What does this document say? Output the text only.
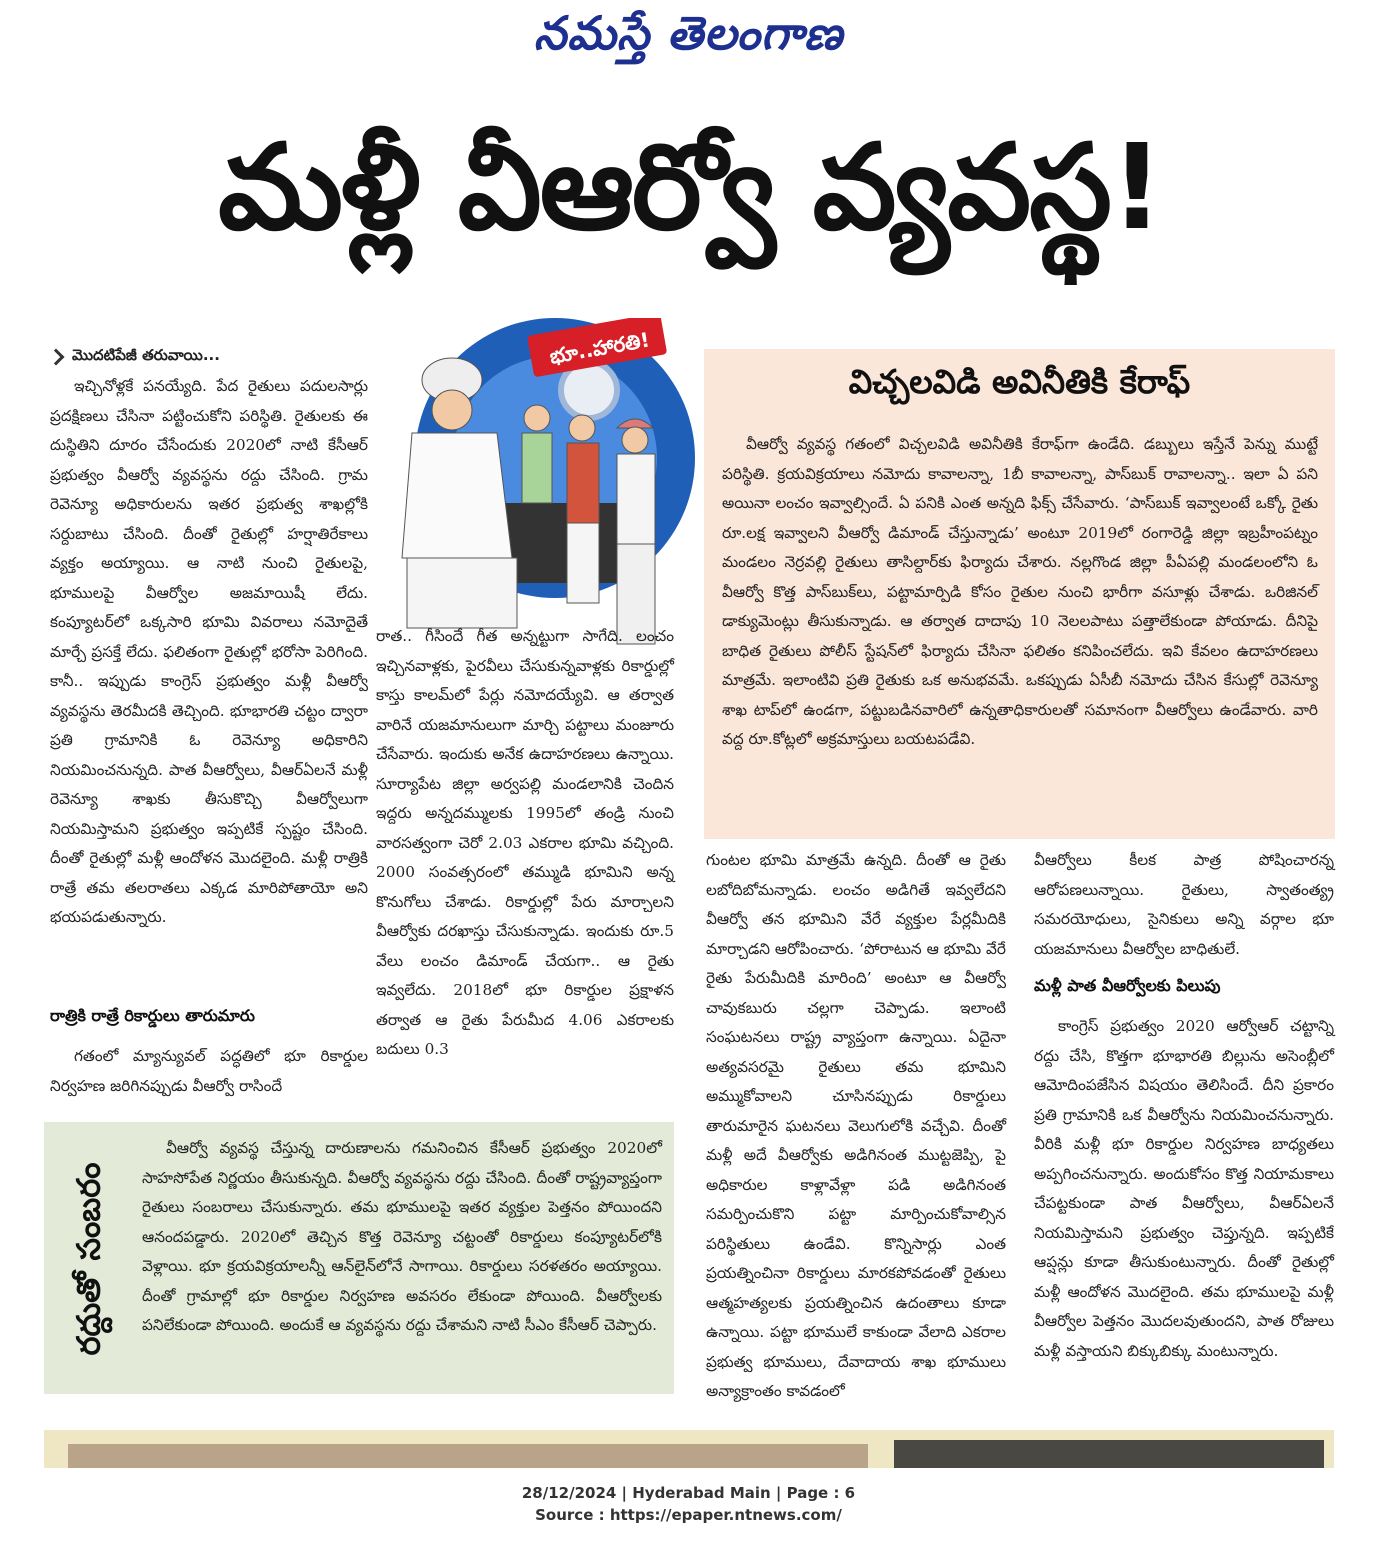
నమస్తే తెలంగాణ
మళ్లీ వీఆర్వో వ్యవస్థ!
మొదటిపేజీ తరువాయి...

ఇచ్చినోళ్లకే పనయ్యేది. పేద రైతులు పదులసార్లు ప్రదక్షిణలు చేసినా పట్టించుకోని పరిస్థితి. రైతులకు ఈ దుస్థితిని దూరం చేసేందుకు 2020లో నాటి కేసీఆర్ ప్రభుత్వం వీఆర్వో వ్యవస్థను రద్దు చేసింది. గ్రామ రెవెన్యూ అధికారులను ఇతర ప్రభుత్వ శాఖల్లోకి సర్దుబాటు చేసింది. దీంతో రైతుల్లో హర్షాతిరేకాలు వ్యక్తం అయ్యాయి. ఆ నాటి నుంచి రైతులపై, భూములపై వీఆర్వోల అజమాయిషీ లేదు. కంప్యూటర్‌లో ఒక్కసారి భూమి వివరాలు నమోదైతే మార్చే ప్రసక్తే లేదు. ఫలితంగా రైతుల్లో భరోసా పెరిగింది. కానీ.. ఇప్పుడు కాంగ్రెస్ ప్రభుత్వం మళ్లీ వీఆర్వో వ్యవస్థను తెరమీదకి తెచ్చింది. భూభారతి చట్టం ద్వారా ప్రతి గ్రామానికి ఓ రెవెన్యూ అధికారిని నియమించనున్నది. పాత వీఆర్వోలు, వీఆర్ఏలనే మళ్లీ రెవెన్యూ శాఖకు తీసుకొచ్చి వీఆర్వోలుగా నియమిస్తామని ప్రభుత్వం ఇప్పటికే స్పష్టం చేసింది. దీంతో రైతుల్లో మళ్లీ ఆందోళన మొదలైంది. మళ్లీ రాత్రికి రాత్రే తమ తలరాతలు ఎక్కడ మారిపోతాయో అని భయపడుతున్నారు.

రాత్రికి రాత్రే రికార్డులు తారుమారు

గతంలో మ్యాన్యువల్ పద్ధతిలో భూ రికార్డుల నిర్వహణ జరిగినప్పుడు వీఆర్వో రాసిందే

భూ..హారతి!

రాత.. గీసిందే గీత అన్నట్టుగా సాగేది. లంచం ఇచ్చినవాళ్లకు, పైరవీలు చేసుకున్నవాళ్లకు రికార్డుల్లో కాస్తు కాలమ్‌లో పేర్లు నమోదయ్యేవి. ఆ తర్వాత వారినే యజమానులుగా మార్చి పట్టాలు మంజూరు చేసేవారు. ఇందుకు అనేక ఉదాహరణలు ఉన్నాయి. సూర్యాపేట జిల్లా అర్వపల్లి మండలానికి చెందిన ఇద్దరు అన్నదమ్ములకు 1995లో తండ్రి నుంచి వారసత్వంగా చెరో 2.03 ఎకరాల భూమి వచ్చింది. 2000 సంవత్సరంలో తమ్ముడి భూమిని అన్న కొనుగోలు చేశాడు. రికార్డుల్లో పేరు మార్చాలని వీఆర్వోకు దరఖాస్తు చేసుకున్నాడు. ఇందుకు రూ.5 వేలు లంచం డిమాండ్ చేయగా.. ఆ రైతు ఇవ్వలేదు. 2018లో భూ రికార్డుల ప్రక్షాళన తర్వాత ఆ రైతు పేరుమీద 4.06 ఎకరాలకు బదులు 0.3

విచ్చలవిడి అవినీతికి కేరాఫ్

వీఆర్వో వ్యవస్థ గతంలో విచ్చలవిడి అవినీతికి కేరాఫ్‌గా ఉండేది. డబ్బులు ఇస్తేనే పెన్ను ముట్టే పరిస్థితి. క్రయవిక్రయాలు నమోదు కావాలన్నా, 1బీ కావాలన్నా, పాస్‌బుక్ రావాలన్నా.. ఇలా ఏ పని అయినా లంచం ఇవ్వాల్సిందే. ఏ పనికి ఎంత అన్నది ఫిక్స్ చేసేవారు. ‘పాస్‌బుక్ ఇవ్వాలంటే ఒక్కో రైతు రూ.లక్ష ఇవ్వాలని వీఆర్వో డిమాండ్ చేస్తున్నాడు’ అంటూ 2019లో రంగారెడ్డి జిల్లా ఇబ్రహీంపట్నం మండలం నెర్రవల్లి రైతులు తాసిల్దార్‌కు ఫిర్యాదు చేశారు. నల్లగొండ జిల్లా పీఏపల్లి మండలంలోని ఓ వీఆర్వో కొత్త పాస్‌బుక్‌లు, పట్టామార్పిడి కోసం రైతుల నుంచి భారీగా వసూళ్లు చేశాడు. ఒరిజినల్ డాక్యుమెంట్లు తీసుకున్నాడు. ఆ తర్వాత దాదాపు 10 నెలలపాటు పత్తాలేకుండా పోయాడు. దీనిపై బాధిత రైతులు పోలీస్ స్టేషన్‌లో ఫిర్యాదు చేసినా ఫలితం కనిపించలేదు. ఇవి కేవలం ఉదాహరణలు మాత్రమే. ఇలాంటివి ప్రతి రైతుకు ఒక అనుభవమే. ఒకప్పుడు ఏసీబీ నమోదు చేసిన కేసుల్లో రెవెన్యూ శాఖ టాప్‌లో ఉండగా, పట్టుబడినవారిలో ఉన్నతాధికారులతో సమానంగా వీఆర్వోలు ఉండేవారు. వారి వద్ద రూ.కోట్లలో అక్రమాస్తులు బయటపడేవి.

గుంటల భూమి మాత్రమే ఉన్నది. దీంతో ఆ రైతు లబోదిబోమన్నాడు. లంచం అడిగితే ఇవ్వలేదని వీఆర్వో తన భూమిని వేరే వ్యక్తుల పేర్లమీదికి మార్చాడని ఆరోపించారు. ‘పోరాటున ఆ భూమి వేరే రైతు పేరుమీదికి మారింది’ అంటూ ఆ వీఆర్వో చావుకబురు చల్లగా చెప్పాడు. ఇలాంటి సంఘటనలు రాష్ట్ర వ్యాప్తంగా ఉన్నాయి. ఏదైనా అత్యవసరమై రైతులు తమ భూమిని అమ్ముకోవాలని చూసినప్పుడు రికార్డులు తారుమారైన ఘటనలు వెలుగులోకి వచ్చేవి. దీంతో మళ్లీ అదే వీఆర్వోకు అడిగినంత ముట్టజెప్పి, పై అధికారుల కాళ్లావేళ్లా పడి అడిగినంత సమర్పించుకొని పట్టా మార్పించుకోవాల్సిన పరిస్థితులు ఉండేవి. కొన్నిసార్లు ఎంత ప్రయత్నించినా రికార్డులు మారకపోవడంతో రైతులు ఆత్మహత్యలకు ప్రయత్నించిన ఉదంతాలు కూడా ఉన్నాయి. పట్టా భూములే కాకుండా వేలాది ఎకరాల ప్రభుత్వ భూములు, దేవాదాయ శాఖ భూములు అన్యాక్రాంతం కావడంలో

వీఆర్వోలు కీలక పాత్ర పోషించారన్న ఆరోపణలున్నాయి. రైతులు, స్వాతంత్య్ర సమరయోధులు, సైనికులు అన్ని వర్గాల భూ యజమానులు వీఆర్వోల బాధితులే.

మళ్లీ పాత వీఆర్వోలకు పిలుపు

కాంగ్రెస్ ప్రభుత్వం 2020 ఆర్వోఆర్ చట్టాన్ని రద్దు చేసి, కొత్తగా భూభారతి బిల్లును అసెంబ్లీలో ఆమోదింపజేసిన విషయం తెలిసిందే. దీని ప్రకారం ప్రతి గ్రామానికి ఒక వీఆర్వోను నియమించనున్నారు. వీరికి మళ్లీ భూ రికార్డుల నిర్వహణ బాధ్యతలు అప్పగించనున్నారు. అందుకోసం కొత్త నియామకాలు చేపట్టకుండా పాత వీఆర్వోలు, వీఆర్ఏలనే నియమిస్తామని ప్రభుత్వం చెప్తున్నది. ఇప్పటికే ఆప్షన్లు కూడా తీసుకుంటున్నారు. దీంతో రైతుల్లో మళ్లీ ఆందోళన మొదలైంది. తమ భూములపై మళ్లీ వీఆర్వోల పెత్తనం మొదలవుతుందని, పాత రోజులు మళ్లీ వస్తాయని బిక్కుబిక్కు మంటున్నారు.

రద్దుతో సంబరం

వీఆర్వో వ్యవస్థ చేస్తున్న దారుణాలను గమనించిన కేసీఆర్ ప్రభుత్వం 2020లో సాహసోపేత నిర్ణయం తీసుకున్నది. వీఆర్వో వ్యవస్థను రద్దు చేసింది. దీంతో రాష్ట్రవ్యాప్తంగా రైతులు సంబరాలు చేసుకున్నారు. తమ భూములపై ఇతర వ్యక్తుల పెత్తనం పోయిందని ఆనందపడ్డారు. 2020లో తెచ్చిన కొత్త రెవెన్యూ చట్టంతో రికార్డులు కంప్యూటర్‌లోకి వెళ్లాయి. భూ క్రయవిక్రయాలన్నీ ఆన్‌లైన్‌లోనే సాగాయి. రికార్డులు సరళతరం అయ్యాయి. దీంతో గ్రామాల్లో భూ రికార్డుల నిర్వహణ అవసరం లేకుండా పోయింది. వీఆర్వోలకు పనిలేకుండా పోయింది. అందుకే ఆ వ్యవస్థను రద్దు చేశామని నాటి సీఎం కేసీఆర్ చెప్పారు.

28/12/2024 | Hyderabad Main | Page : 6
Source : https://epaper.ntnews.com/
